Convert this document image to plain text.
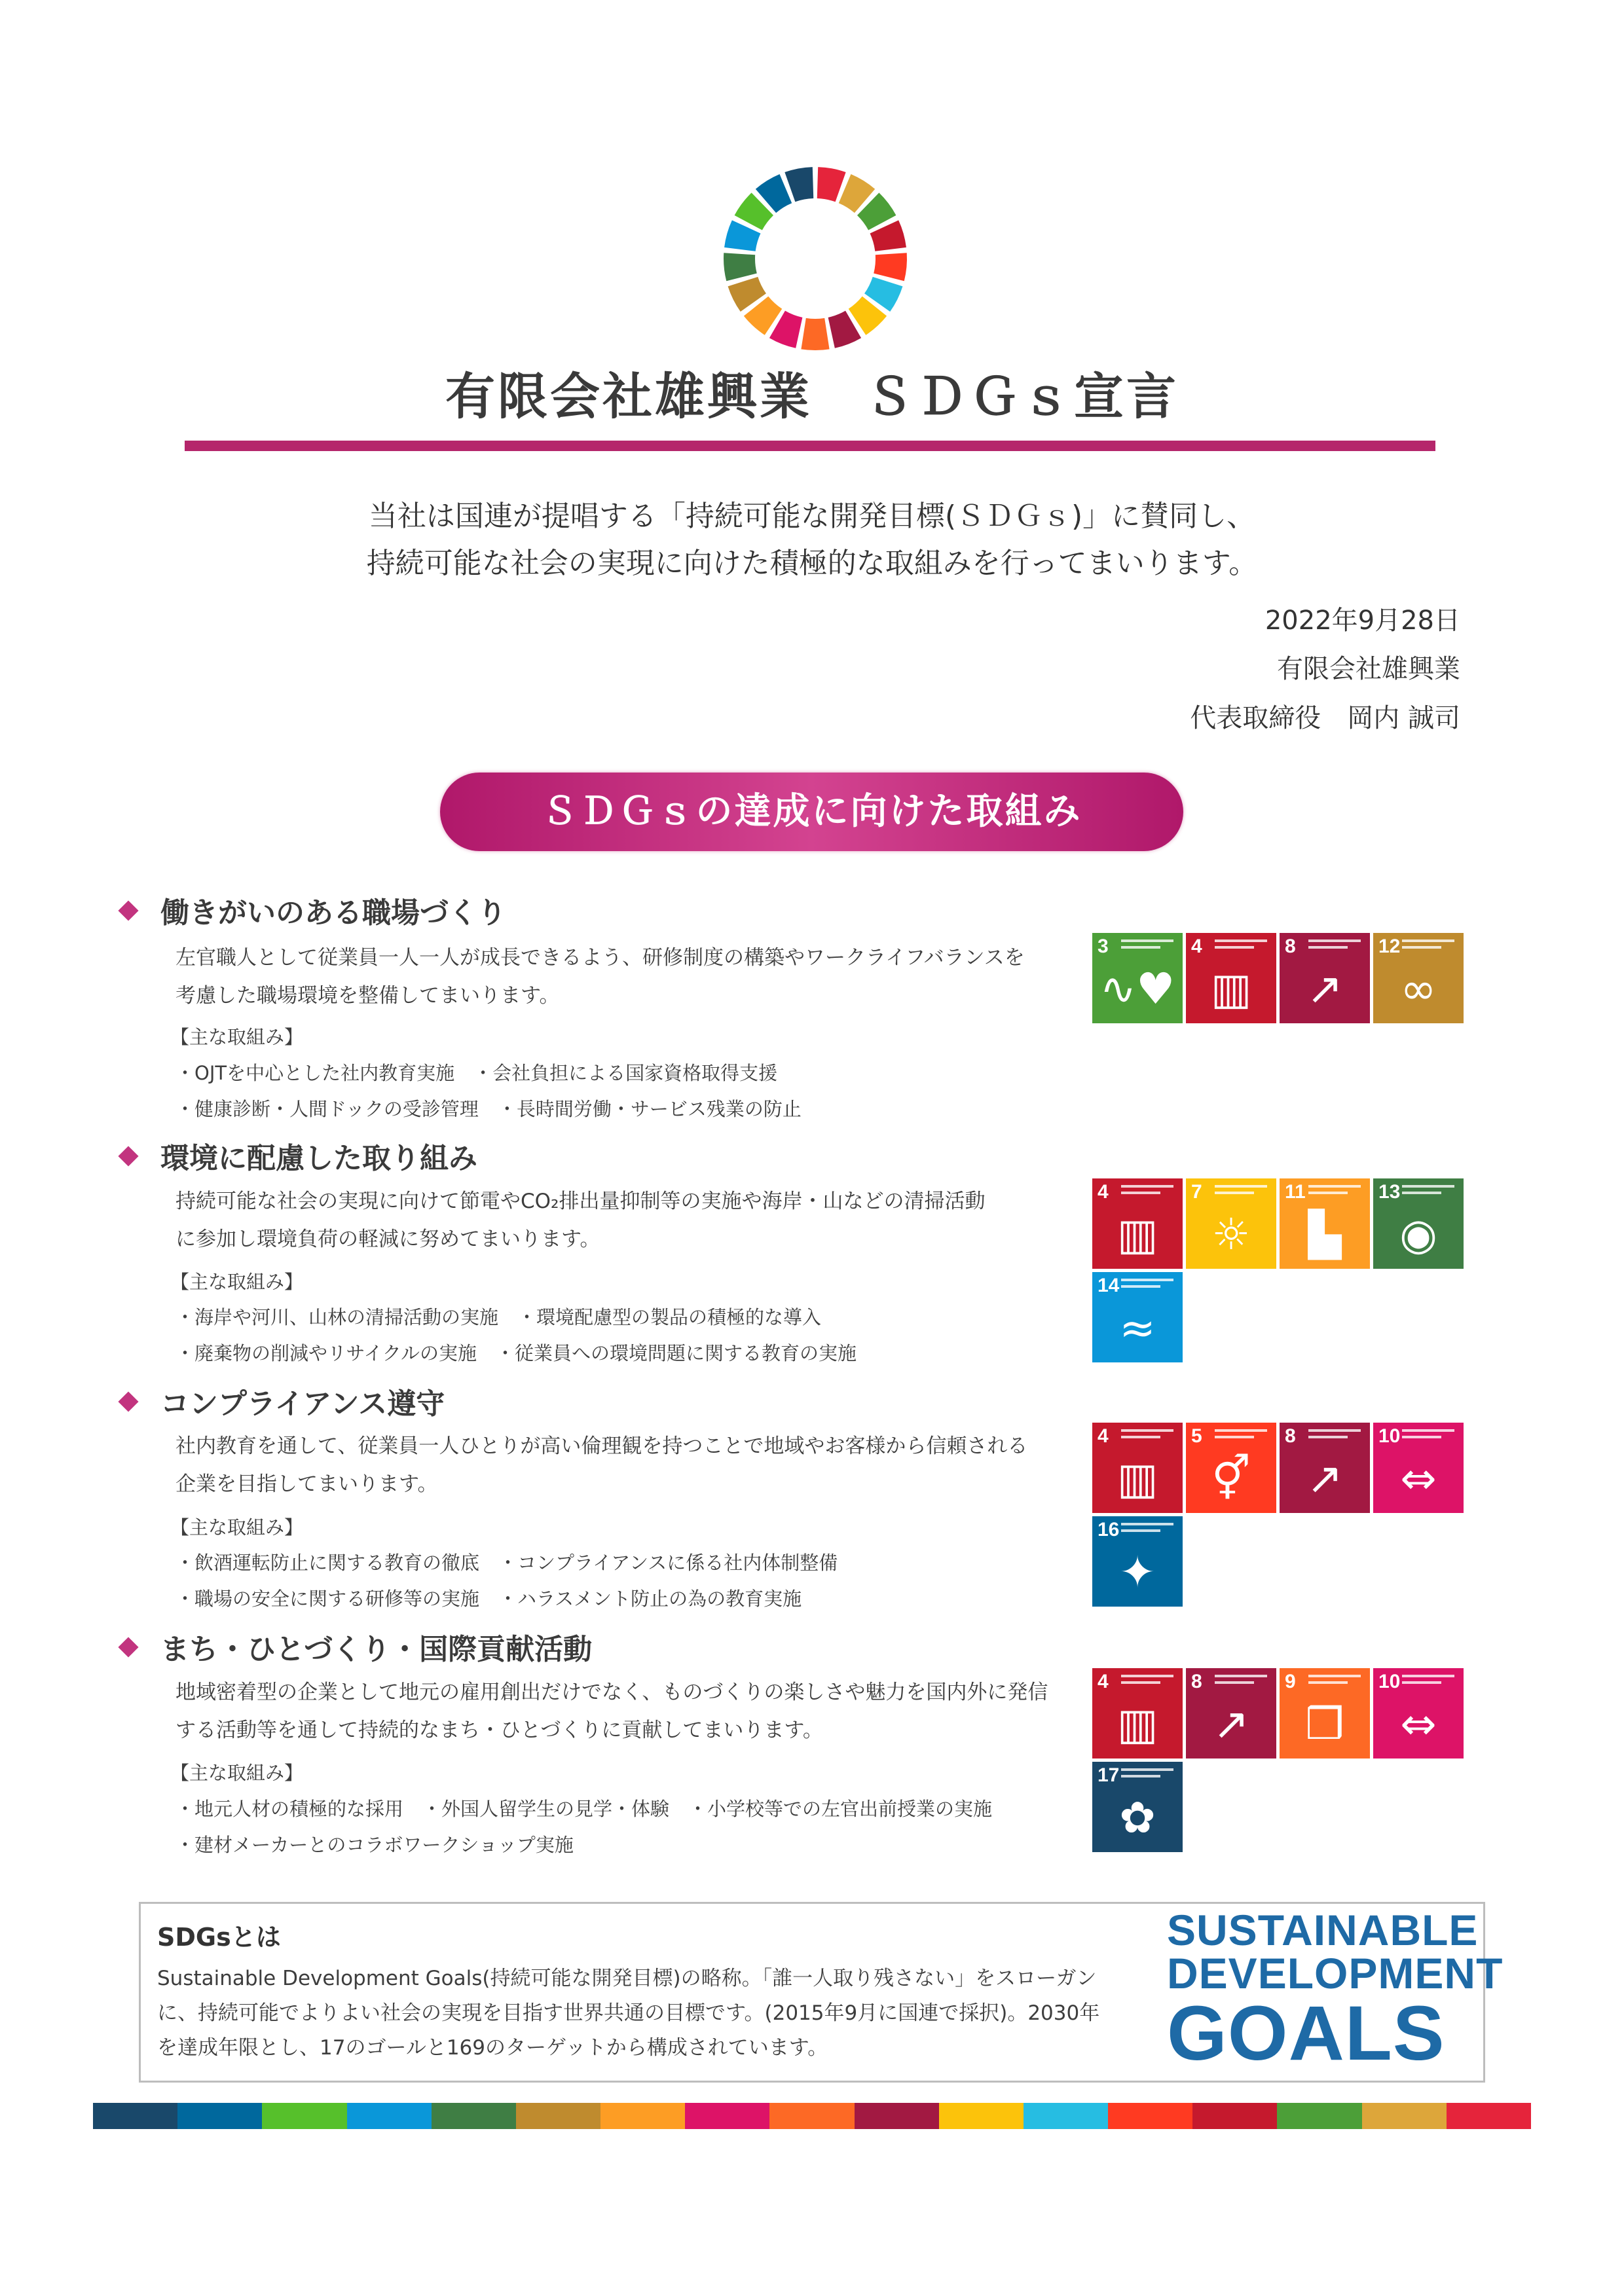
有限会社雄興業　ＳＤＧｓ宣言
当社は国連が提唱する「持続可能な開発目標(ＳＤＧｓ)」に賛同し、
持続可能な社会の実現に向けた積極的な取組みを行ってまいります。
2022年9月28日
有限会社雄興業
代表取締役　岡内 誠司
ＳＤＧｓの達成に向けた取組み
働きがいのある職場づくり
左官職人として従業員一人一人が成長できるよう、研修制度の構築やワークライフバランスを
考慮した職場環境を整備してまいります。
【主な取組み】
・OJTを中心とした社内教育実施　・会社負担による国家資格取得支援
・健康診断・人間ドックの受診管理　・長時間労働・サービス残業の防止
3
∿♥
4
▥
8
↗
12
∞
環境に配慮した取り組み
持続可能な社会の実現に向けて節電やCO₂排出量抑制等の実施や海岸・山などの清掃活動
に参加し環境負荷の軽減に努めてまいります。
【主な取組み】
・海岸や河川、山林の清掃活動の実施　・環境配慮型の製品の積極的な導入
・廃棄物の削減やリサイクルの実施　・従業員への環境問題に関する教育の実施
4
▥
7
☼
11
▙
13
◉
14
≈
コンプライアンス遵守
社内教育を通して、従業員一人ひとりが高い倫理観を持つことで地域やお客様から信頼される
企業を目指してまいります。
【主な取組み】
・飲酒運転防止に関する教育の徹底　・コンプライアンスに係る社内体制整備
・職場の安全に関する研修等の実施　・ハラスメント防止の為の教育実施
4
▥
5
⚥
8
↗
10
⇔
16
✦
まち・ひとづくり・国際貢献活動
地域密着型の企業として地元の雇用創出だけでなく、ものづくりの楽しさや魅力を国内外に発信
する活動等を通して持続的なまち・ひとづくりに貢献してまいります。
【主な取組み】
・地元人材の積極的な採用　・外国人留学生の見学・体験　・小学校等での左官出前授業の実施
・建材メーカーとのコラボワークショップ実施
4
▥
8
↗
9
❒
10
⇔
17
✿
SDGsとは
Sustainable Development Goals(持続可能な開発目標)の略称。「誰一人取り残さない」をスローガン
に、持続可能でよりよい社会の実現を目指す世界共通の目標です。(2015年9月に国連で採択)。2030年
を達成年限とし、17のゴールと169のターゲットから構成されています。
SUSTAINABLE
DEVELOPMENT
GOALS
